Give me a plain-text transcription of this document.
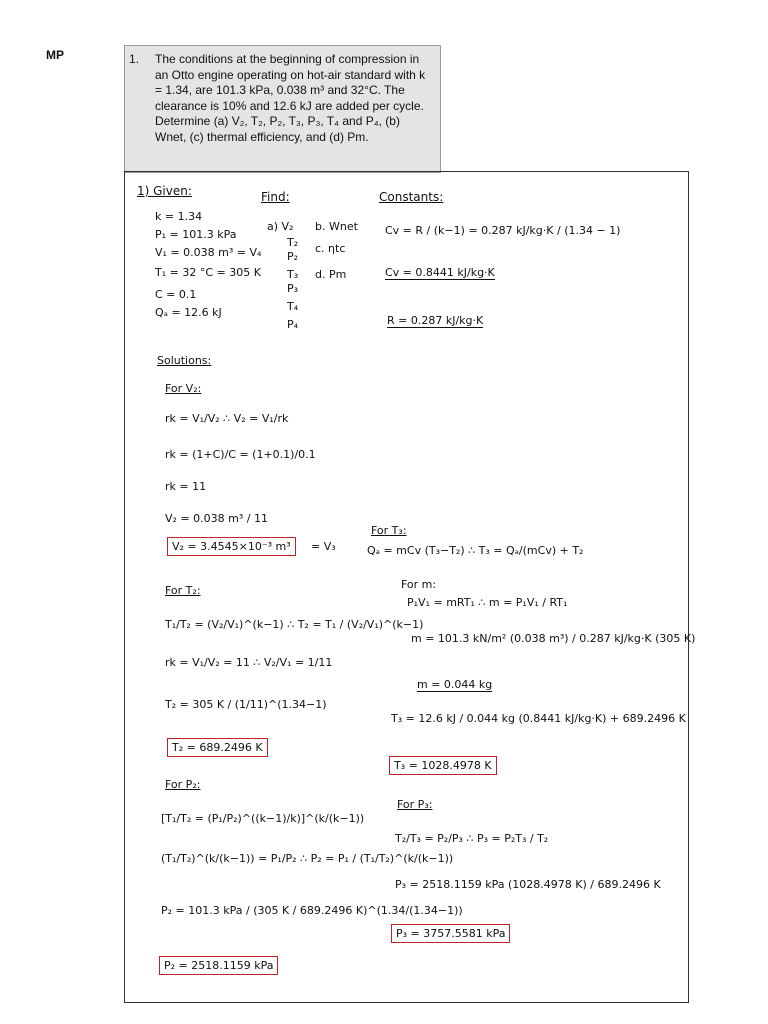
MP	1. The conditions at the beginning of compression in an Otto engine operating on hot-air standard with k = 1.34, are 101.3 kPa, 0.038 m³ and 32°C. The clearance is 10% and 12.6 kJ are added per cycle. Determine (a) V₂, T₂, P₂, T₃, P₃, T₄ and P₄, (b) Wnet, (c) thermal efficiency, and (d) Pm.
1) Given:
k = 1.34
P₁ = 101.3 kPa
V₁ = 0.038 m³ = V₄
T₁ = 32 °C = 305 K
C = 0.1
Qₐ = 12.6 kJ
Find:
a) V₂
T₂
P₂
T₃
P₃
T₄
P₄
b. Wnet
c. ηtc
d. Pm
Constants:
Cv = R / (k−1) = 0.287 kJ/kg·K / (1.34 − 1)
Cv = 0.8441 kJ/kg·K
R = 0.287 kJ/kg·K
Solutions:
For V₂:
rk = V₁/V₂ ∴ V₂ = V₁/rk
rk = (1+C)/C = (1+0.1)/0.1
rk = 11
V₂ = 0.038 m³ / 11
V₂ = 3.4545×10⁻³ m³	= V₃
For T₂:
T₁/T₂ = (V₂/V₁)^(k−1) ∴ T₂ = T₁ / (V₂/V₁)^(k−1)
rk = V₁/V₂ = 11 ∴ V₂/V₁ = 1/11
T₂ = 305 K / (1/11)^(1.34−1)
T₂ = 689.2496 K
For P₂:
[T₁/T₂ = (P₁/P₂)^((k−1)/k)]^(k/(k−1))
(T₁/T₂)^(k/(k−1)) = P₁/P₂ ∴ P₂ = P₁ / (T₁/T₂)^(k/(k−1))
P₂ = 101.3 kPa / (305 K / 689.2496 K)^(1.34/(1.34−1))
P₂ = 2518.1159 kPa
For T₃:
Qₐ = mCv (T₃−T₂) ∴ T₃ = Qₐ/(mCv) + T₂
For m:
P₁V₁ = mRT₁ ∴ m = P₁V₁ / RT₁
m = 101.3 kN/m² (0.038 m³) / 0.287 kJ/kg·K (305 K)
m = 0.044 kg
T₃ = 12.6 kJ / 0.044 kg (0.8441 kJ/kg·K) + 689.2496 K
T₃ = 1028.4978 K
For P₃:
T₂/T₃ = P₂/P₃ ∴ P₃ = P₂T₃ / T₂
P₃ = 2518.1159 kPa (1028.4978 K) / 689.2496 K
P₃ = 3757.5581 kPa
